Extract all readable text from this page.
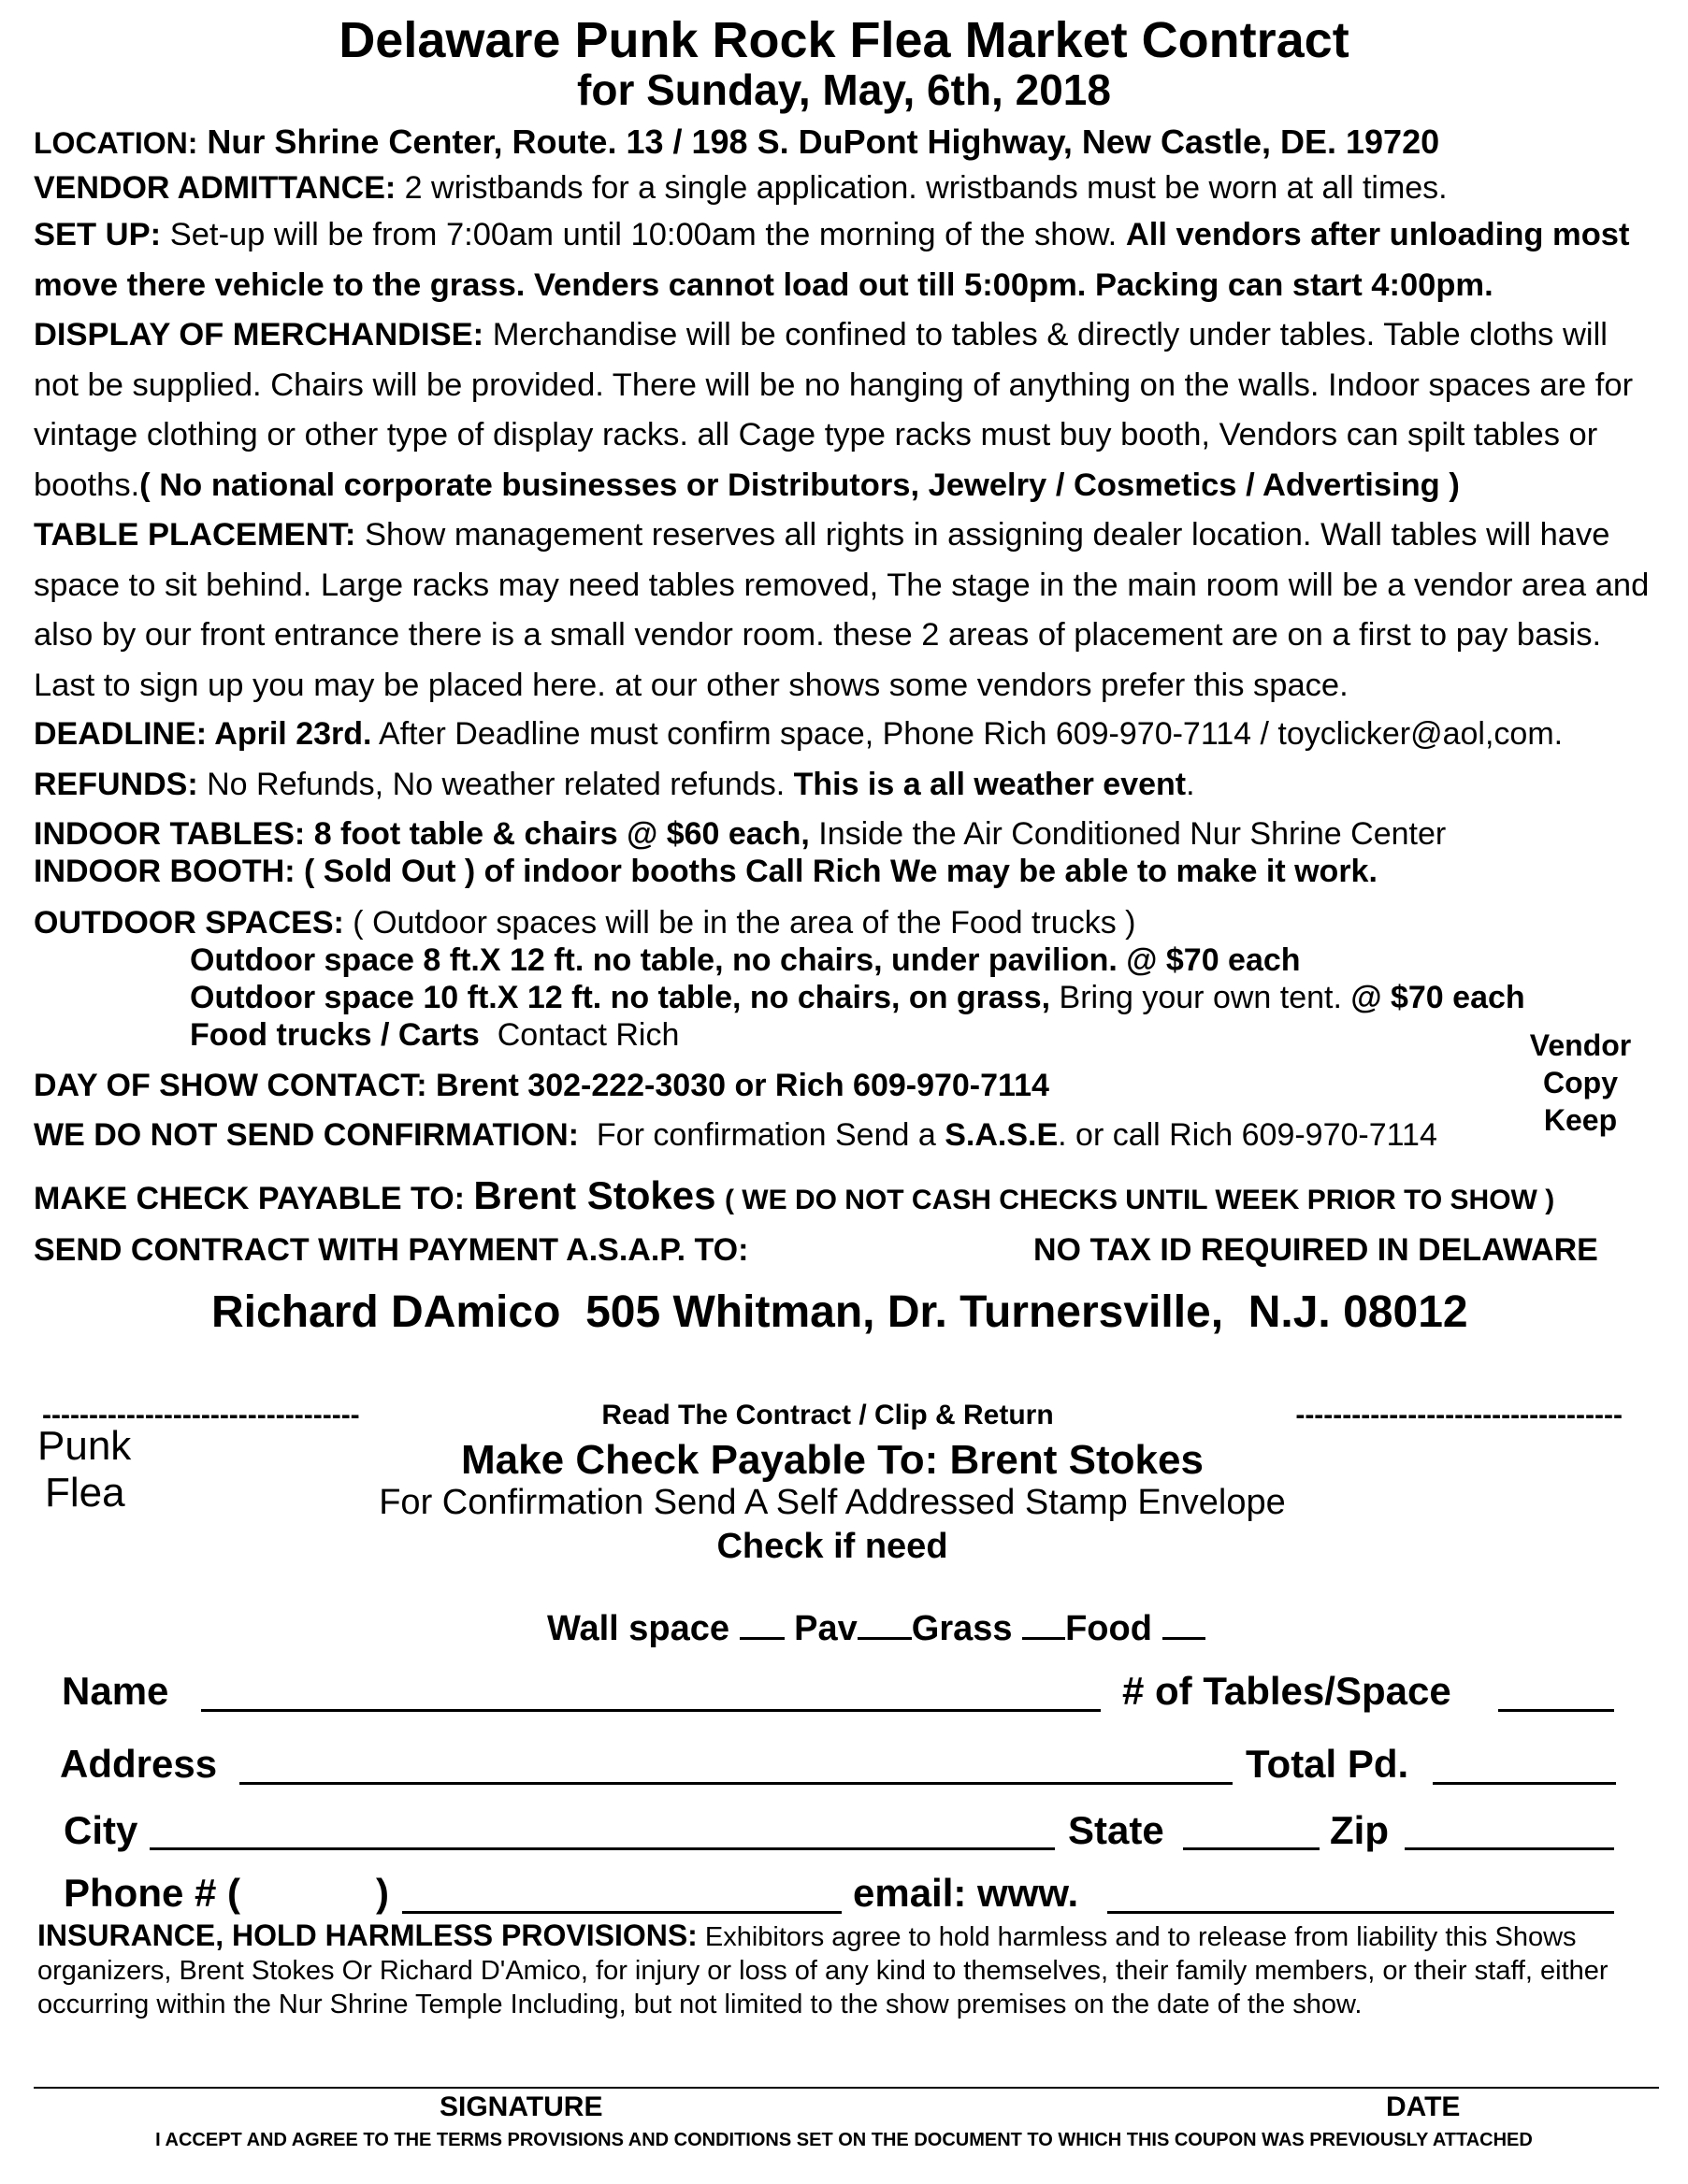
Delaware Punk Rock Flea Market Contract
for Sunday, May, 6th, 2018
LOCATION: Nur Shrine Center, Route. 13 / 198 S. DuPont Highway, New Castle, DE. 19720
VENDOR ADMITTANCE: 2 wristbands for a single application. wristbands must be worn at all times.
SET UP: Set-up will be from 7:00am until 10:00am the morning of the show. All vendors after unloading most move there vehicle to the grass. Venders cannot load out till 5:00pm. Packing can start 4:00pm.
DISPLAY OF MERCHANDISE: Merchandise will be confined to tables & directly under tables. Table cloths will not be supplied. Chairs will be provided. There will be no hanging of anything on the walls. Indoor spaces are for vintage clothing or other type of display racks. all Cage type racks must buy booth, Vendors can spilt tables or booths.( No national corporate businesses or Distributors, Jewelry / Cosmetics / Advertising )
TABLE PLACEMENT: Show management reserves all rights in assigning dealer location. Wall tables will have space to sit behind. Large racks may need tables removed, The stage in the main room will be a vendor area and also by our front entrance there is a small vendor room. these 2 areas of placement are on a first to pay basis. Last to sign up you may be placed here. at our other shows some vendors prefer this space.
DEADLINE: April 23rd. After Deadline must confirm space, Phone Rich 609-970-7114 / toyclicker@aol,com.
REFUNDS: No Refunds, No weather related refunds. This is a all weather event.
INDOOR TABLES: 8 foot table & chairs @ $60 each, Inside the Air Conditioned Nur Shrine Center
INDOOR BOOTH: ( Sold Out ) of indoor booths Call Rich We may be able to make it work.
OUTDOOR SPACES: ( Outdoor spaces will be in the area of the Food trucks )
Outdoor space 8 ft.X 12 ft. no table, no chairs, under pavilion. @ $70 each
Outdoor space 10 ft.X 12 ft. no table, no chairs, on grass, Bring your own tent. @ $70 each
Food trucks / Carts Contact Rich	Vendor
Copy
Keep
DAY OF SHOW CONTACT: Brent 302-222-3030 or Rich 609-970-7114
WE DO NOT SEND CONFIRMATION: For confirmation Send a S.A.S.E. or call Rich 609-970-7114
MAKE CHECK PAYABLE TO: Brent Stokes ( WE DO NOT CASH CHECKS UNTIL WEEK PRIOR TO SHOW )
SEND CONTRACT WITH PAYMENT A.S.A.P. TO:	NO TAX ID REQUIRED IN DELAWARE
Richard DAmico  505 Whitman, Dr. Turnersville,  N.J. 08012
----------------------------------	Read The Contract / Clip & Return	-----------------------------------
Punk
Flea
Make Check Payable To: Brent Stokes
For Confirmation Send A Self Addressed Stamp Envelope
Check if need
Wall space Pav Grass Food
Name	# of Tables/Space
Address	Total Pd.
City	State	Zip
Phone # (	)	email: www.
INSURANCE, HOLD HARMLESS PROVISIONS: Exhibitors agree to hold harmless and to release from liability this Shows organizers, Brent Stokes Or Richard D'Amico, for injury or loss of any kind to themselves, their family members, or their staff, either occurring within the Nur Shrine Temple Including, but not limited to the show premises on the date of the show.
SIGNATURE	DATE
I ACCEPT AND AGREE TO THE TERMS PROVISIONS AND CONDITIONS SET ON THE DOCUMENT TO WHICH THIS COUPON WAS PREVIOUSLY ATTACHED
